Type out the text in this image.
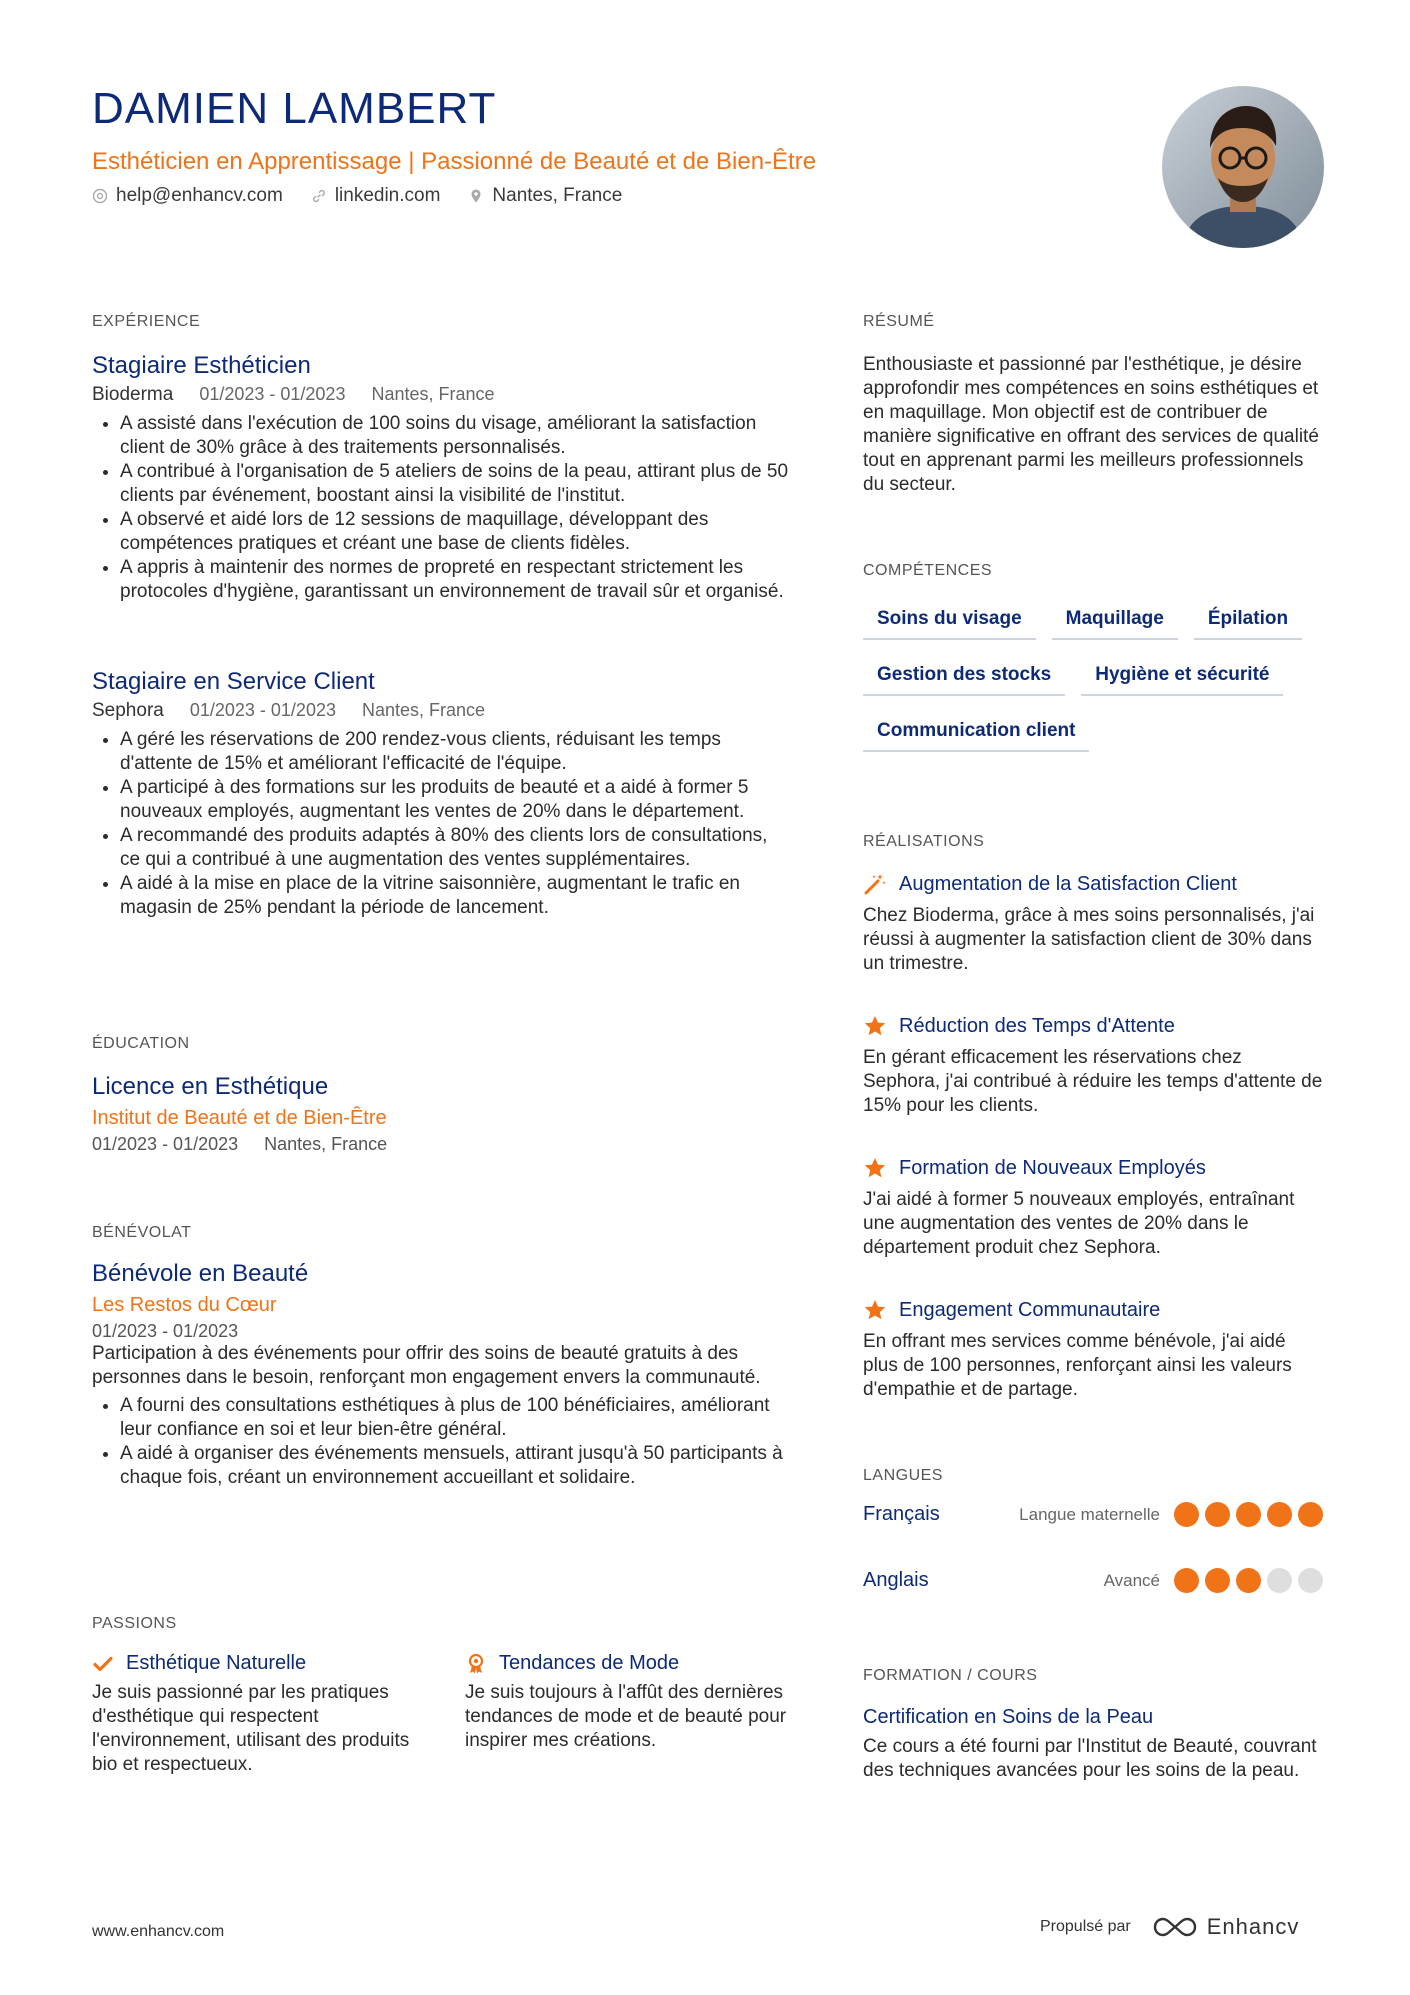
DAMIEN LAMBERT
Esthéticien en Apprentissage | Passionné de Beauté et de Bien-Être
help@enhancv.com	linkedin.com	Nantes, France
EXPÉRIENCE
Stagiaire Esthéticien
Bioderma 01/2023 - 01/2023 Nantes, France
• A assisté dans l'exécution de 100 soins du visage, améliorant la satisfaction client de 30% grâce à des traitements personnalisés.
• A contribué à l'organisation de 5 ateliers de soins de la peau, attirant plus de 50 clients par événement, boostant ainsi la visibilité de l'institut.
• A observé et aidé lors de 12 sessions de maquillage, développant des compétences pratiques et créant une base de clients fidèles.
• A appris à maintenir des normes de propreté en respectant strictement les protocoles d'hygiène, garantissant un environnement de travail sûr et organisé.
Stagiaire en Service Client
Sephora 01/2023 - 01/2023 Nantes, France
• A géré les réservations de 200 rendez-vous clients, réduisant les temps d'attente de 15% et améliorant l'efficacité de l'équipe.
• A participé à des formations sur les produits de beauté et a aidé à former 5 nouveaux employés, augmentant les ventes de 20% dans le département.
• A recommandé des produits adaptés à 80% des clients lors de consultations, ce qui a contribué à une augmentation des ventes supplémentaires.
• A aidé à la mise en place de la vitrine saisonnière, augmentant le trafic en magasin de 25% pendant la période de lancement.
ÉDUCATION
Licence en Esthétique
Institut de Beauté et de Bien-Être
01/2023 - 01/2023 Nantes, France
BÉNÉVOLAT
Bénévole en Beauté
Les Restos du Cœur
01/2023 - 01/2023
Participation à des événements pour offrir des soins de beauté gratuits à des personnes dans le besoin, renforçant mon engagement envers la communauté.
• A fourni des consultations esthétiques à plus de 100 bénéficiaires, améliorant leur confiance en soi et leur bien-être général.
• A aidé à organiser des événements mensuels, attirant jusqu'à 50 participants à chaque fois, créant un environnement accueillant et solidaire.
PASSIONS
Esthétique Naturelle
Je suis passionné par les pratiques d'esthétique qui respectent l'environnement, utilisant des produits bio et respectueux.
Tendances de Mode
Je suis toujours à l'affût des dernières tendances de mode et de beauté pour inspirer mes créations.
RÉSUMÉ
Enthousiaste et passionné par l'esthétique, je désire approfondir mes compétences en soins esthétiques et en maquillage. Mon objectif est de contribuer de manière significative en offrant des services de qualité tout en apprenant parmi les meilleurs professionnels du secteur.
COMPÉTENCES
Soins du visage	Maquillage	Épilation
Gestion des stocks	Hygiène et sécurité
Communication client
RÉALISATIONS
Augmentation de la Satisfaction Client
Chez Bioderma, grâce à mes soins personnalisés, j'ai réussi à augmenter la satisfaction client de 30% dans un trimestre.
Réduction des Temps d'Attente
En gérant efficacement les réservations chez Sephora, j'ai contribué à réduire les temps d'attente de 15% pour les clients.
Formation de Nouveaux Employés
J'ai aidé à former 5 nouveaux employés, entraînant une augmentation des ventes de 20% dans le département produit chez Sephora.
Engagement Communautaire
En offrant mes services comme bénévole, j'ai aidé plus de 100 personnes, renforçant ainsi les valeurs d'empathie et de partage.
LANGUES
Français	Langue maternelle
Anglais	Avancé
FORMATION / COURS
Certification en Soins de la Peau
Ce cours a été fourni par l'Institut de Beauté, couvrant des techniques avancées pour les soins de la peau.
www.enhancv.com	Propulsé par	Enhancv
